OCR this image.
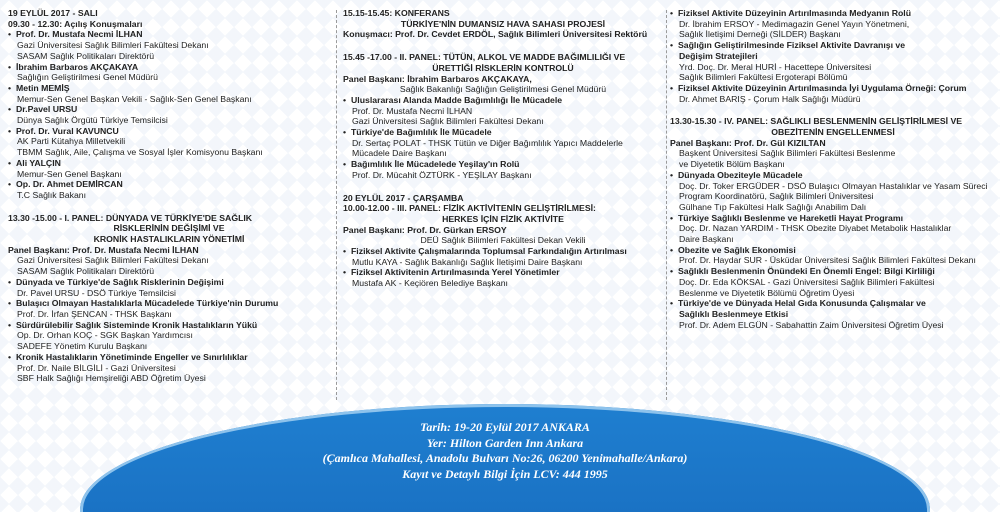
19 EYLÜL 2017 - SALI
09.30 - 12.30: Açılış Konuşmaları
• Prof. Dr. Mustafa Necmi İLHAN
Gazi Üniversitesi Sağlık Bilimleri Fakültesi Dekanı
SASAM Sağlık Politikaları Direktörü
• İbrahim Barbaros AKÇAKAYA
Sağlığın Geliştirilmesi Genel Müdürü
• Metin MEMİŞ
Memur-Sen Genel Başkan Vekili - Sağlık-Sen Genel Başkanı
• Dr.Pavel URSU
Dünya Sağlık Örgütü Türkiye Temsilcisi
• Prof. Dr. Vural KAVUNCU
AK Parti Kütahya Milletvekili
TBMM Sağlık, Aile, Çalışma ve Sosyal İşler Komisyonu Başkanı
• Ali YALÇIN
Memur-Sen Genel Başkanı
• Op. Dr. Ahmet DEMİRCAN
T.C Sağlık Bakanı
13.30 -15.00 - I. PANEL: DÜNYADA VE TÜRKİYE'DE SAĞLIK
RİSKLERİNİN DEĞİŞİMİ VE
KRONİK HASTALIKLARIN YÖNETİMİ
Panel Başkanı: Prof. Dr. Mustafa Necmi İLHAN
Gazi Üniversitesi Sağlık Bilimleri Fakültesi Dekanı
SASAM Sağlık Politikaları Direktörü
• Dünyada ve Türkiye'de Sağlık Risklerinin Değişimi
Dr. Pavel URSU - DSÖ Türkiye Temsilcisi
• Bulaşıcı Olmayan Hastalıklarla Mücadelede Türkiye'nin Durumu
Prof. Dr. İrfan ŞENCAN - THSK Başkanı
• Sürdürülebilir Sağlık Sisteminde Kronik Hastalıkların Yükü
Op. Dr. Orhan KOÇ - SGK Başkan Yardımcısı
SADEFE Yönetim Kurulu Başkanı
• Kronik Hastalıkların Yönetiminde Engeller ve Sınırlılıklar
Prof. Dr. Naile BİLGİLİ - Gazi Üniversitesi
SBF Halk Sağlığı Hemşireliği ABD Öğretim Üyesi
15.15-15.45: KONFERANS
TÜRKİYE'NİN DUMANSIZ HAVA SAHASI PROJESİ
Konuşmacı: Prof. Dr. Cevdet ERDÖL, Sağlık Bilimleri Üniversitesi Rektörü
15.45 -17.00 - II. PANEL: TÜTÜN, ALKOL VE MADDE BAĞIMLILIĞI VE
ÜRETTİĞİ RİSKLERİN KONTROLÜ
Panel Başkanı: İbrahim Barbaros AKÇAKAYA,
Sağlık Bakanlığı Sağlığın Geliştirilmesi Genel Müdürü
• Uluslararası Alanda Madde Bağımlılığı İle Mücadele
Prof. Dr. Mustafa Necmi İLHAN
Gazi Üniversitesi Sağlık Bilimleri Fakültesi Dekanı
• Türkiye'de Bağımlılık İle Mücadele
Dr. Sertaç POLAT - THSK Tütün ve Diğer Bağımlılık Yapıcı Maddelerle
Mücadele Daire Başkanı
• Bağımlılık İle Mücadelede Yeşilay'ın Rolü
Prof. Dr. Mücahit ÖZTÜRK - YEŞİLAY Başkanı
20 EYLÜL 2017 - ÇARŞAMBA
10.00-12.00 - III. PANEL: FİZİK AKTİVİTENİN GELİŞTİRİLMESİ:
HERKES İÇİN FİZİK AKTİVİTE
Panel Başkanı: Prof. Dr. Gürkan ERSOY
DEÜ Sağlık Bilimleri Fakültesi Dekan Vekili
• Fiziksel Aktivite Çalışmalarında Toplumsal Farkındalığın Artırılması
Mutlu KAYA - Sağlık Bakanlığı Sağlık İletişimi Daire Başkanı
• Fiziksel Aktivitenin Artırılmasında Yerel Yönetimler
Mustafa AK - Keçiören Belediye Başkanı
• Fiziksel Aktivite Düzeyinin Artırılmasında Medyanın Rolü
Dr. İbrahim ERSOY - Medimagazin Genel Yayın Yönetmeni,
Sağlık İletişimi Derneği (SİLDER) Başkanı
• Sağlığın Geliştirilmesinde Fiziksel Aktivite Davranışı ve
Değişim Stratejileri
Yrd. Doç. Dr. Meral HURİ - Hacettepe Üniversitesi
Sağlık Bilimleri Fakültesi Ergoterapi Bölümü
• Fiziksel Aktivite Düzeyinin Artırılmasında İyi Uygulama Örneği: Çorum
Dr. Ahmet BARIŞ - Çorum Halk Sağlığı Müdürü
13.30-15.30 - IV. PANEL: SAĞLIKLI BESLENMENİN GELİŞTİRİLMESİ VE
OBEZİTENİN ENGELLENMESİ
Panel Başkanı: Prof. Dr. Gül KIZILTAN
Başkent Üniversitesi Sağlık Bilimleri Fakültesi Beslenme
ve Diyetetik Bölüm Başkanı
• Dünyada Obeziteyle Mücadele
Doç. Dr. Toker ERGÜDER - DSÖ Bulaşıcı Olmayan Hastalıklar ve Yasam Süreci
Program Koordinatörü, Sağlık Bilimleri Üniversitesi
Gülhane Tıp Fakültesi Halk Sağlığı Anabilim Dalı
• Türkiye Sağlıklı Beslenme ve Hareketli Hayat Programı
Doç. Dr. Nazan YARDIM - THSK Obezite Diyabet Metabolik Hastalıklar
Daire Başkanı
• Obezite ve Sağlık Ekonomisi
Prof. Dr. Haydar SUR - Üsküdar Üniversitesi Sağlık Bilimleri Fakültesi Dekanı
• Sağlıklı Beslenmenin Önündeki En Önemli Engel: Bilgi Kirliliği
Doç. Dr. Eda KÖKSAL - Gazi Üniversitesi Sağlık Bilimleri Fakültesi
Beslenme ve Diyetetik Bölümü Öğretim Üyesi
• Türkiye'de ve Dünyada Helal Gıda Konusunda Çalışmalar ve
Sağlıklı Beslenmeye Etkisi
Prof. Dr. Adem ELGÜN - Sabahattin Zaim Üniversitesi Öğretim Üyesi
Tarih: 19-20 Eylül 2017 ANKARA
Yer: Hilton Garden Inn Ankara
(Çamlıca Mahallesi, Anadolu Bulvarı No:26, 06200 Yenimahalle/Ankara)
Kayıt ve Detaylı Bilgi İçin LCV: 444 1995
